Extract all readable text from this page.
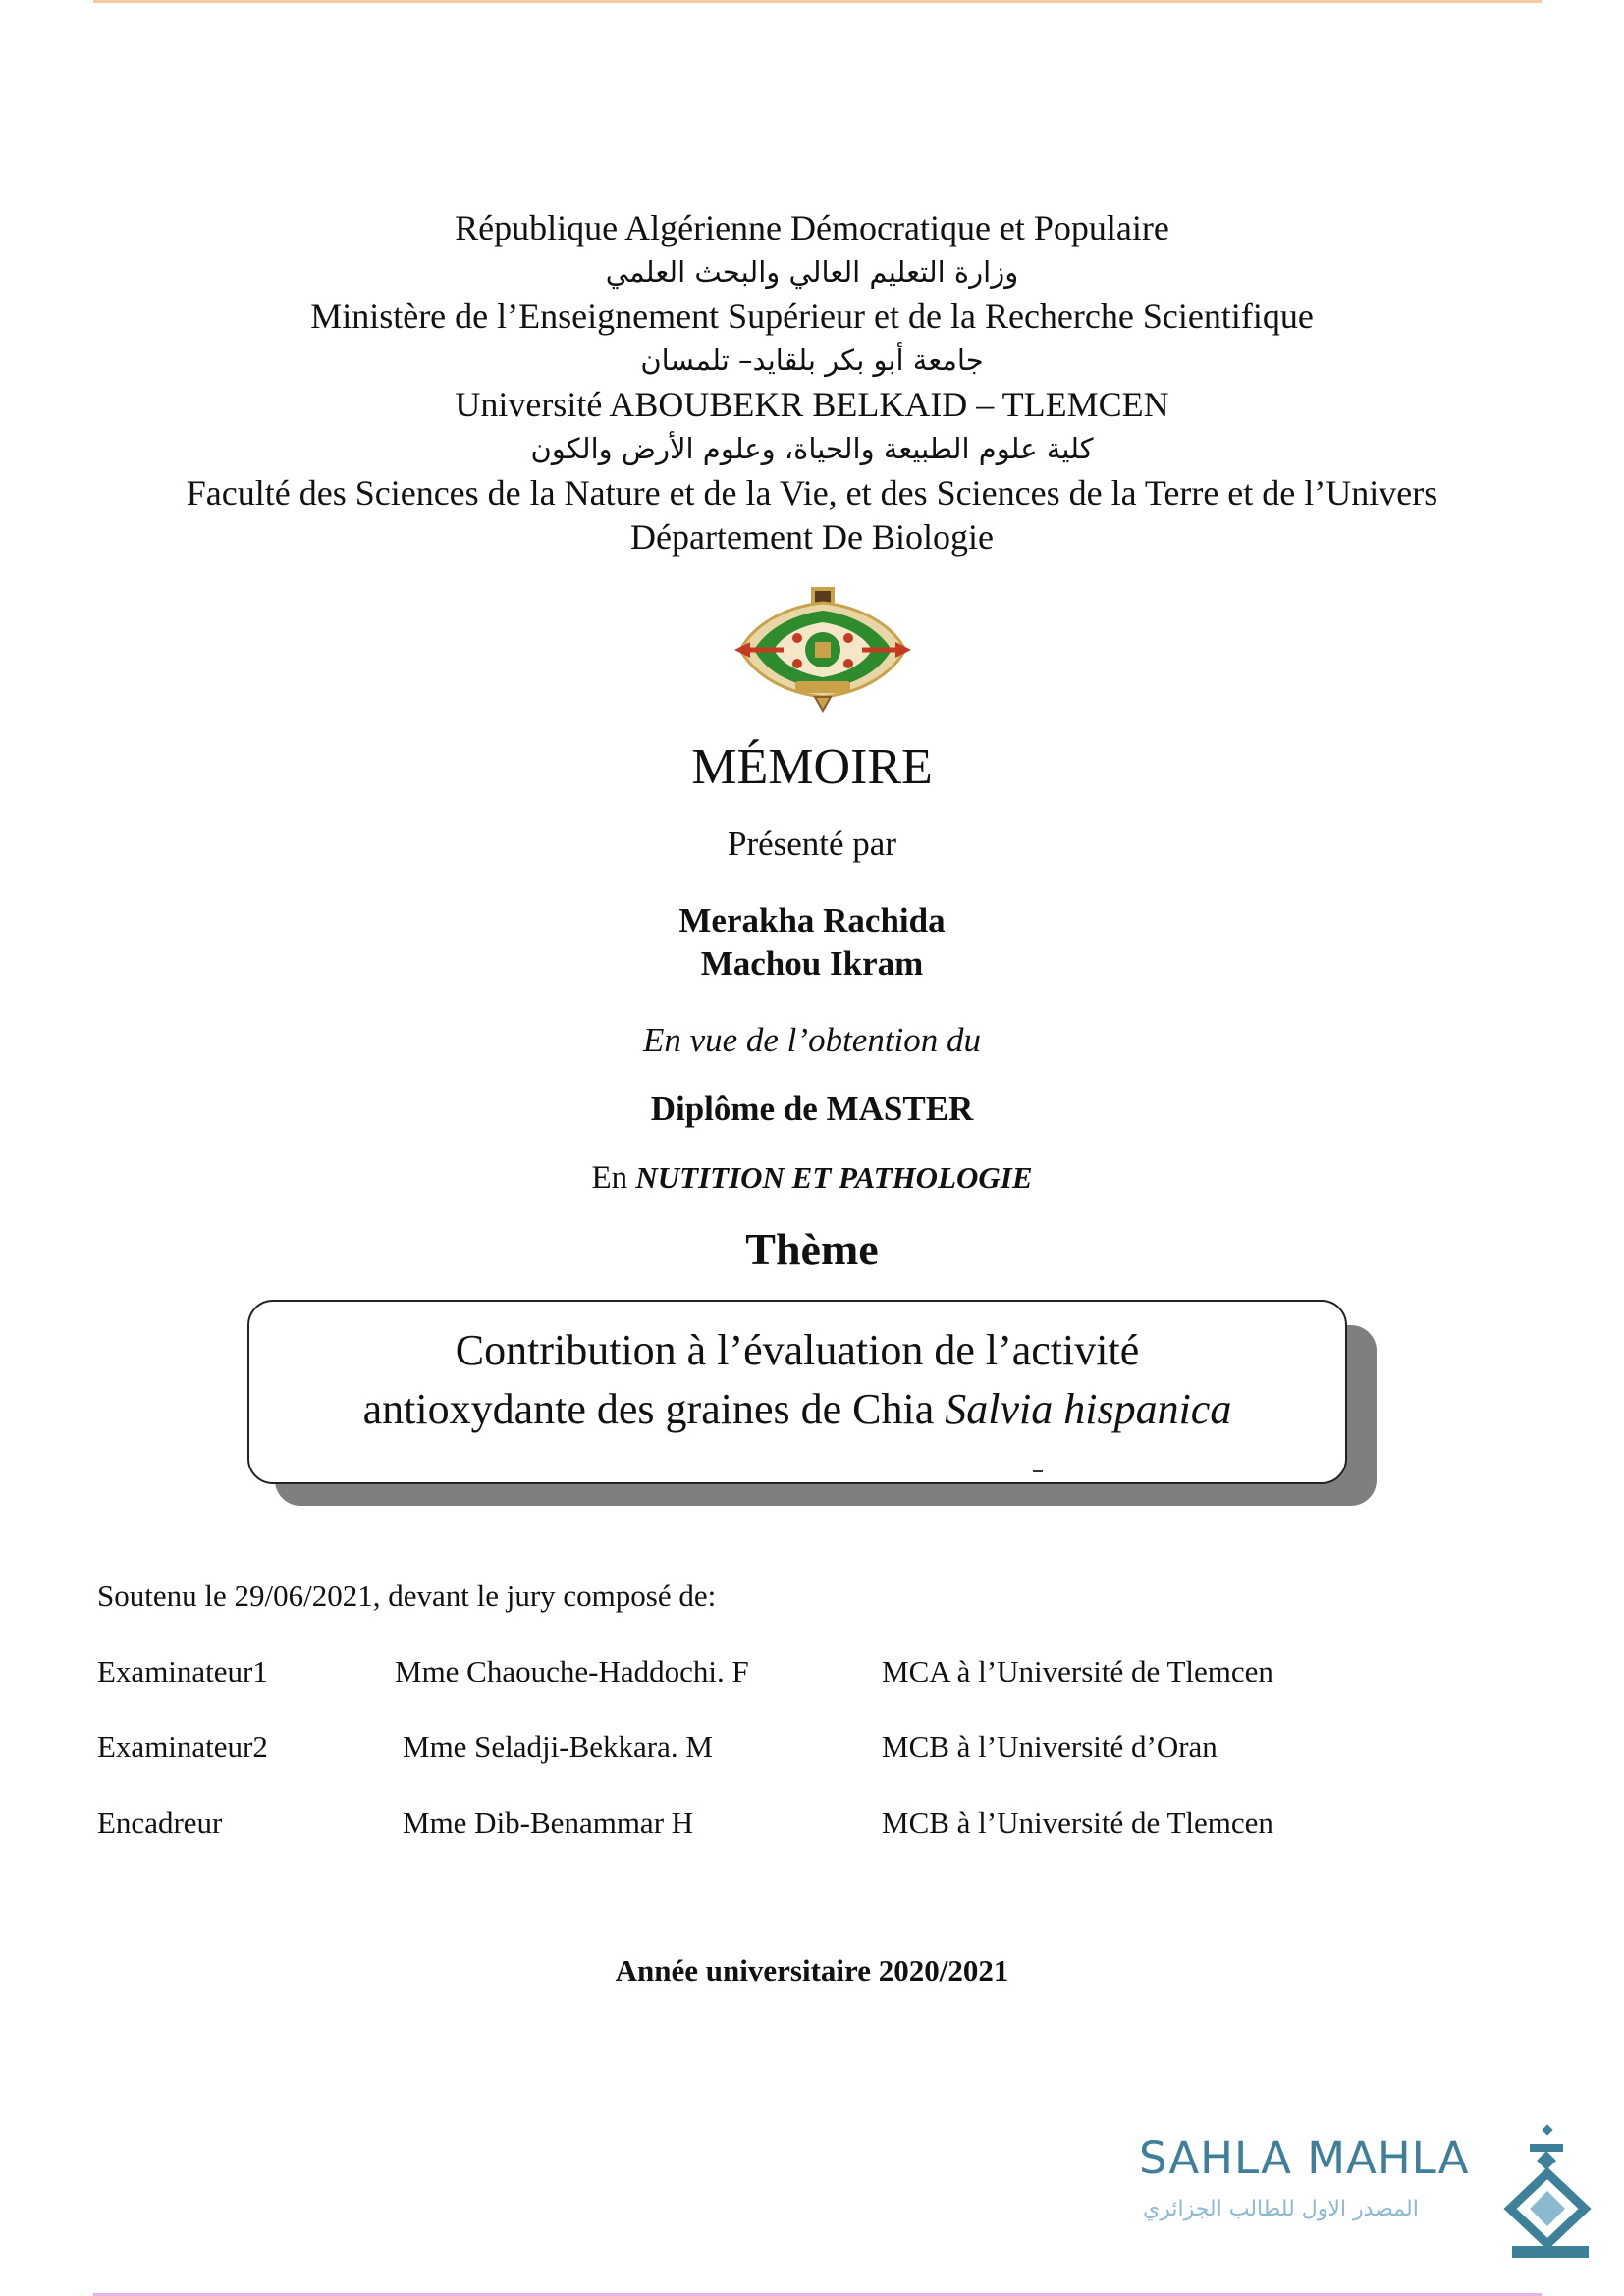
République Algérienne Démocratique et Populaire
وزارة التعليم العالي والبحث العلمي
Ministère de l’Enseignement Supérieur et de la Recherche Scientifique
جامعة أبو بكر بلقايد– تلمسان
Université ABOUBEKR BELKAID – TLEMCEN
كلية علوم الطبيعة والحياة، وعلوم الأرض والكون
Faculté des Sciences de la Nature et de la Vie, et des Sciences de la Terre et de l’Univers
Département De Biologie
MÉMOIRE
Présenté par
Merakha Rachida
Machou Ikram
En vue de l’obtention du
Diplôme de MASTER
En NUTITION ET PATHOLOGIE
Thème
Contribution à l’évaluation de l’activité
antioxydante des graines de Chia Salvia hispanica
Soutenu le 29/06/2021, devant le jury composé de:
Examinateur1	Mme Chaouche-Haddochi. F	MCA à l’Université de Tlemcen
Examinateur2	Mme Seladji-Bekkara. M	MCB à l’Université d’Oran
Encadreur	Mme Dib-Benammar H	MCB à l’Université de Tlemcen
Année universitaire 2020/2021
SAHLA MAHLA
المصدر الاول للطالب الجزائري
